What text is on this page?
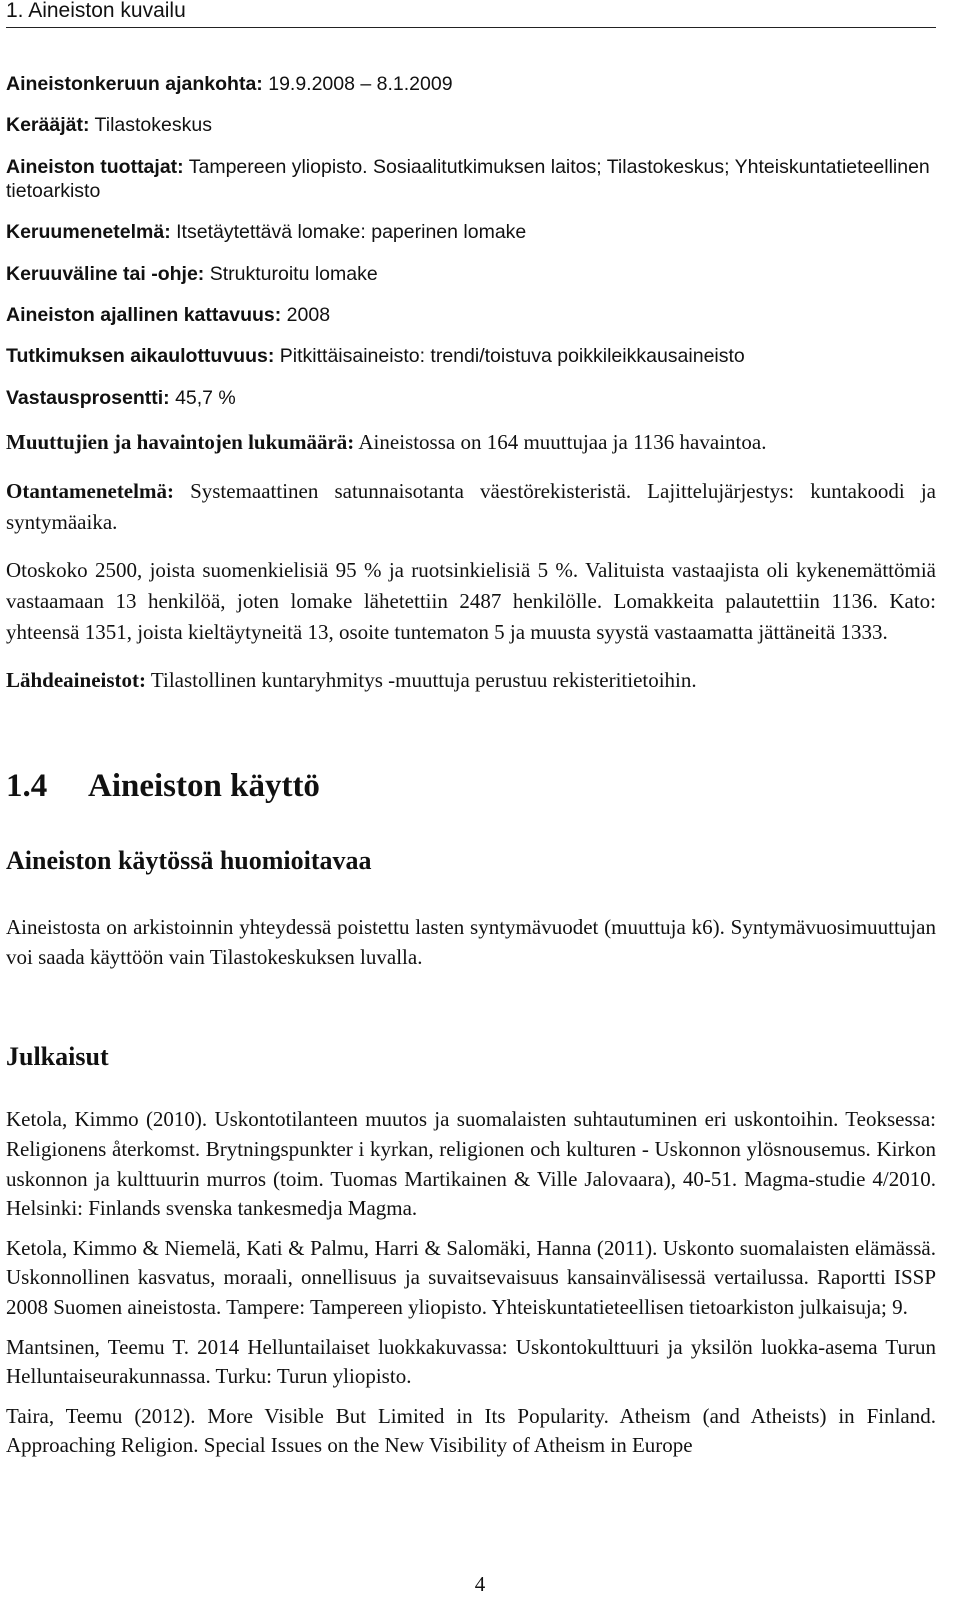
1. Aineiston kuvailu
Aineistonkeruun ajankohta: 19.9.2008 – 8.1.2009
Kerääjät: Tilastokeskus
Aineiston tuottajat: Tampereen yliopisto. Sosiaalitutkimuksen laitos; Tilastokeskus; Yhteiskuntatieteellinen tietoarkisto
Keruumenetelmä: Itsetäytettävä lomake: paperinen lomake
Keruuväline tai -ohje: Strukturoitu lomake
Aineiston ajallinen kattavuus: 2008
Tutkimuksen aikaulottuvuus: Pitkittäisaineisto: trendi/toistuva poikkileikkausaineisto
Vastausprosentti: 45,7 %
Muuttujien ja havaintojen lukumäärä: Aineistossa on 164 muuttujaa ja 1136 havaintoa.
Otantamenetelmä: Systemaattinen satunnaisotanta väestörekisteristä. Lajittelujärjestys: kuntakoodi ja syntymäaika.
Otoskoko 2500, joista suomenkielisiä 95 % ja ruotsinkielisiä 5 %. Valituista vastaajista oli kykenemättömiä vastaamaan 13 henkilöä, joten lomake lähetettiin 2487 henkilölle. Lomakkeita palautettiin 1136. Kato: yhteensä 1351, joista kieltäytyneitä 13, osoite tuntematon 5 ja muusta syystä vastaamatta jättäneitä 1333.
Lähdeaineistot: Tilastollinen kuntaryhmitys -muuttuja perustuu rekisteritietoihin.
1.4 Aineiston käyttö
Aineiston käytössä huomioitavaa
Aineistosta on arkistoinnin yhteydessä poistettu lasten syntymävuodet (muuttuja k6). Syntymävuosimuuttujan voi saada käyttöön vain Tilastokeskuksen luvalla.
Julkaisut
Ketola, Kimmo (2010). Uskontotilanteen muutos ja suomalaisten suhtautuminen eri uskontoihin. Teoksessa: Religionens återkomst. Brytningspunkter i kyrkan, religionen och kulturen - Uskonnon ylösnousemus. Kirkon uskonnon ja kulttuurin murros (toim. Tuomas Martikainen & Ville Jalovaara), 40-51. Magma-studie 4/2010. Helsinki: Finlands svenska tankesmedja Magma.
Ketola, Kimmo & Niemelä, Kati & Palmu, Harri & Salomäki, Hanna (2011). Uskonto suomalaisten elämässä. Uskonnollinen kasvatus, moraali, onnellisuus ja suvaitsevaisuus kansainvälisessä vertailussa. Raportti ISSP 2008 Suomen aineistosta. Tampere: Tampereen yliopisto. Yhteiskuntatieteellisen tietoarkiston julkaisuja; 9.
Mantsinen, Teemu T. 2014 Helluntailaiset luokkakuvassa: Uskontokulttuuri ja yksilön luokka-asema Turun Helluntaiseurakunnassa. Turku: Turun yliopisto.
Taira, Teemu (2012). More Visible But Limited in Its Popularity. Atheism (and Atheists) in Finland. Approaching Religion. Special Issues on the New Visibility of Atheism in Europe
4
